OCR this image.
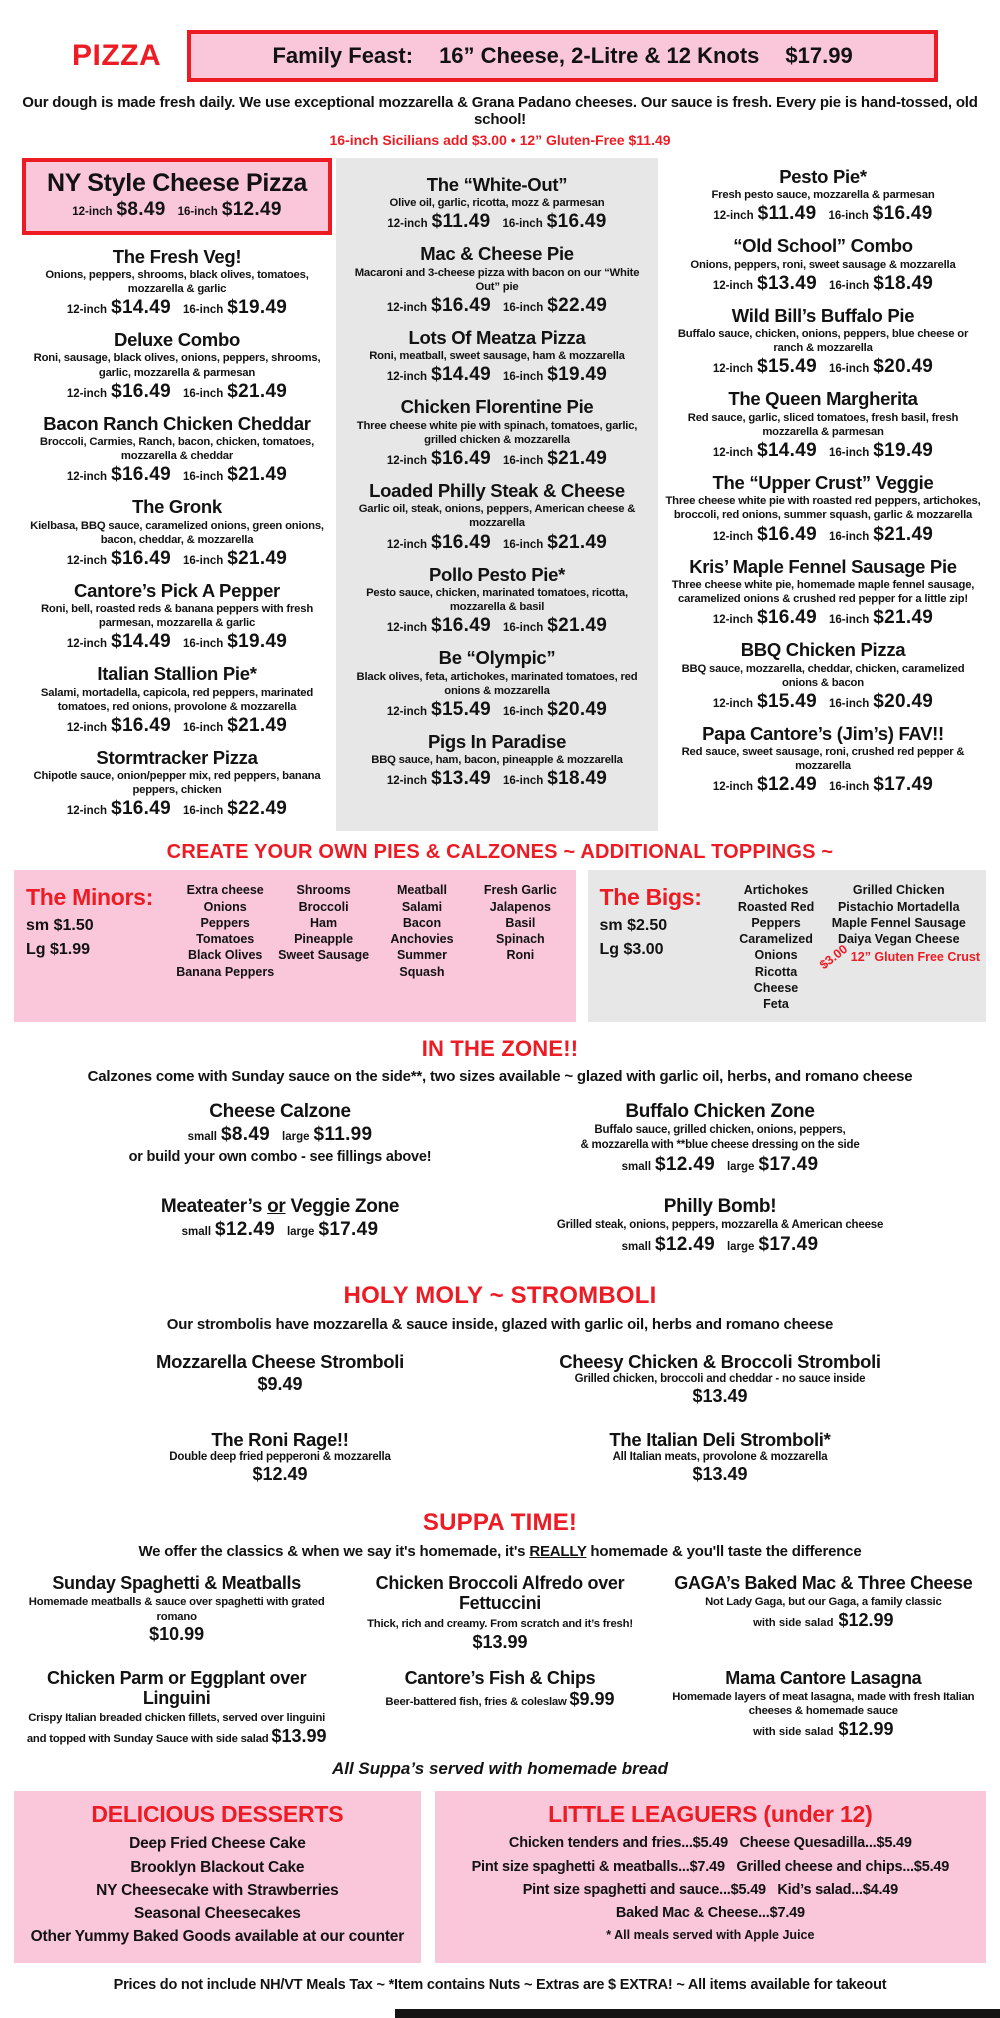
PIZZA	Family Feast: 16” Cheese, 2-Litre & 12 Knots $17.99
Our dough is made fresh daily. We use exceptional mozzarella & Grana Padano cheeses. Our sauce is fresh. Every pie is hand-tossed, old school!
16-inch Sicilians add $3.00 • 12” Gluten-Free $11.49
NY Style Cheese Pizza
12-inch $8.49 16-inch $12.49
The Fresh Veg!
Onions, peppers, shrooms, black olives, tomatoes, mozzarella & garlic
12-inch $14.49 16-inch $19.49
Deluxe Combo
Roni, sausage, black olives, onions, peppers, shrooms, garlic, mozzarella & parmesan
12-inch $16.49 16-inch $21.49
Bacon Ranch Chicken Cheddar
Broccoli, Carmies, Ranch, bacon, chicken, tomatoes, mozzarella & cheddar
12-inch $16.49 16-inch $21.49
The Gronk
Kielbasa, BBQ sauce, caramelized onions, green onions, bacon, cheddar, & mozzarella
12-inch $16.49 16-inch $21.49
Cantore’s Pick A Pepper
Roni, bell, roasted reds & banana peppers with fresh parmesan, mozzarella & garlic
12-inch $14.49 16-inch $19.49
Italian Stallion Pie*
Salami, mortadella, capicola, red peppers, marinated tomatoes, red onions, provolone & mozzarella
12-inch $16.49 16-inch $21.49
Stormtracker Pizza
Chipotle sauce, onion/pepper mix, red peppers, banana peppers, chicken
12-inch $16.49 16-inch $22.49
The “White-Out”
Olive oil, garlic, ricotta, mozz & parmesan
12-inch $11.49 16-inch $16.49
Mac & Cheese Pie
Macaroni and 3-cheese pizza with bacon on our “White Out” pie
12-inch $16.49 16-inch $22.49
Lots Of Meatza Pizza
Roni, meatball, sweet sausage, ham & mozzarella
12-inch $14.49 16-inch $19.49
Chicken Florentine Pie
Three cheese white pie with spinach, tomatoes, garlic, grilled chicken & mozzarella
12-inch $16.49 16-inch $21.49
Loaded Philly Steak & Cheese
Garlic oil, steak, onions, peppers, American cheese & mozzarella
12-inch $16.49 16-inch $21.49
Pollo Pesto Pie*
Pesto sauce, chicken, marinated tomatoes, ricotta, mozzarella & basil
12-inch $16.49 16-inch $21.49
Be “Olympic”
Black olives, feta, artichokes, marinated tomatoes, red onions & mozzarella
12-inch $15.49 16-inch $20.49
Pigs In Paradise
BBQ sauce, ham, bacon, pineapple & mozzarella
12-inch $13.49 16-inch $18.49
Pesto Pie*
Fresh pesto sauce, mozzarella & parmesan
12-inch $11.49 16-inch $16.49
“Old School” Combo
Onions, peppers, roni, sweet sausage & mozzarella
12-inch $13.49 16-inch $18.49
Wild Bill’s Buffalo Pie
Buffalo sauce, chicken, onions, peppers, blue cheese or ranch & mozzarella
12-inch $15.49 16-inch $20.49
The Queen Margherita
Red sauce, garlic, sliced tomatoes, fresh basil, fresh mozzarella & parmesan
12-inch $14.49 16-inch $19.49
The “Upper Crust” Veggie
Three cheese white pie with roasted red peppers, artichokes, broccoli, red onions, summer squash, garlic & mozzarella
12-inch $16.49 16-inch $21.49
Kris’ Maple Fennel Sausage Pie
Three cheese white pie, homemade maple fennel sausage, caramelized onions & crushed red pepper for a little zip!
12-inch $16.49 16-inch $21.49
BBQ Chicken Pizza
BBQ sauce, mozzarella, cheddar, chicken, caramelized onions & bacon
12-inch $15.49 16-inch $20.49
Papa Cantore’s (Jim’s) FAV!!
Red sauce, sweet sausage, roni, crushed red pepper & mozzarella
12-inch $12.49 16-inch $17.49
CREATE YOUR OWN PIES & CALZONES ~ ADDITIONAL TOPPINGS ~
The Minors:
sm $1.50
Lg $1.99
Extra cheese
Onions
Peppers
Tomatoes
Black Olives
Banana Peppers
Shrooms
Broccoli
Ham
Pineapple
Sweet Sausage
Meatball
Salami
Bacon
Anchovies
Summer Squash
Fresh Garlic
Jalapenos
Basil
Spinach
Roni
The Bigs:
sm $2.50
Lg $3.00
Artichokes
Roasted Red Peppers
Caramelized Onions
Ricotta Cheese
Feta
Grilled Chicken
Pistachio Mortadella
Maple Fennel Sausage
Daiya Vegan Cheese
$3.0012” Gluten Free Crust
IN THE ZONE!!
Calzones come with Sunday sauce on the side**, two sizes available ~ glazed with garlic oil, herbs, and romano cheese
Cheese Calzone
small $8.49 large $11.99
or build your own combo - see fillings above!
Buffalo Chicken Zone
Buffalo sauce, grilled chicken, onions, peppers,
& mozzarella with **blue cheese dressing on the side
small $12.49 large $17.49
Meateater’s or Veggie Zone
small $12.49 large $17.49
Philly Bomb!
Grilled steak, onions, peppers, mozzarella & American cheese
small $12.49 large $17.49
HOLY MOLY ~ STROMBOLI
Our strombolis have mozzarella & sauce inside, glazed with garlic oil, herbs and romano cheese
Mozzarella Cheese Stromboli
$9.49
Cheesy Chicken & Broccoli Stromboli
Grilled chicken, broccoli and cheddar - no sauce inside
$13.49
The Roni Rage!!
Double deep fried pepperoni & mozzarella
$12.49
The Italian Deli Stromboli*
All Italian meats, provolone & mozzarella
$13.49
SUPPA TIME!
We offer the classics & when we say it's homemade, it's REALLY homemade & you'll taste the difference
Sunday Spaghetti & Meatballs
Homemade meatballs & sauce over spaghetti with grated romano
$10.99
Chicken Broccoli Alfredo over Fettuccini
Thick, rich and creamy. From scratch and it’s fresh! $13.99
GAGA’s Baked Mac & Three Cheese
Not Lady Gaga, but our Gaga, a family classic
with side salad $12.99
Chicken Parm or Eggplant over Linguini
Crispy Italian breaded chicken fillets, served over linguini and topped with Sunday Sauce with side salad $13.99
Cantore’s Fish & Chips
Beer-battered fish, fries & coleslaw $9.99
Mama Cantore Lasagna
Homemade layers of meat lasagna, made with fresh Italian cheeses & homemade sauce
with side salad $12.99
All Suppa’s served with homemade bread
DELICIOUS DESSERTS
Deep Fried Cheese Cake
Brooklyn Blackout Cake
NY Cheesecake with Strawberries
Seasonal Cheesecakes
Other Yummy Baked Goods available at our counter
LITTLE LEAGUERS (under 12)
Chicken tenders and fries...$5.49   Cheese Quesadilla...$5.49
Pint size spaghetti & meatballs...$7.49   Grilled cheese and chips...$5.49
Pint size spaghetti and sauce...$5.49   Kid’s salad...$4.49
Baked Mac & Cheese...$7.49
* All meals served with Apple Juice
Prices do not include NH/VT Meals Tax ~ *Item contains Nuts ~ Extras are $ EXTRA! ~ All items available for takeout
